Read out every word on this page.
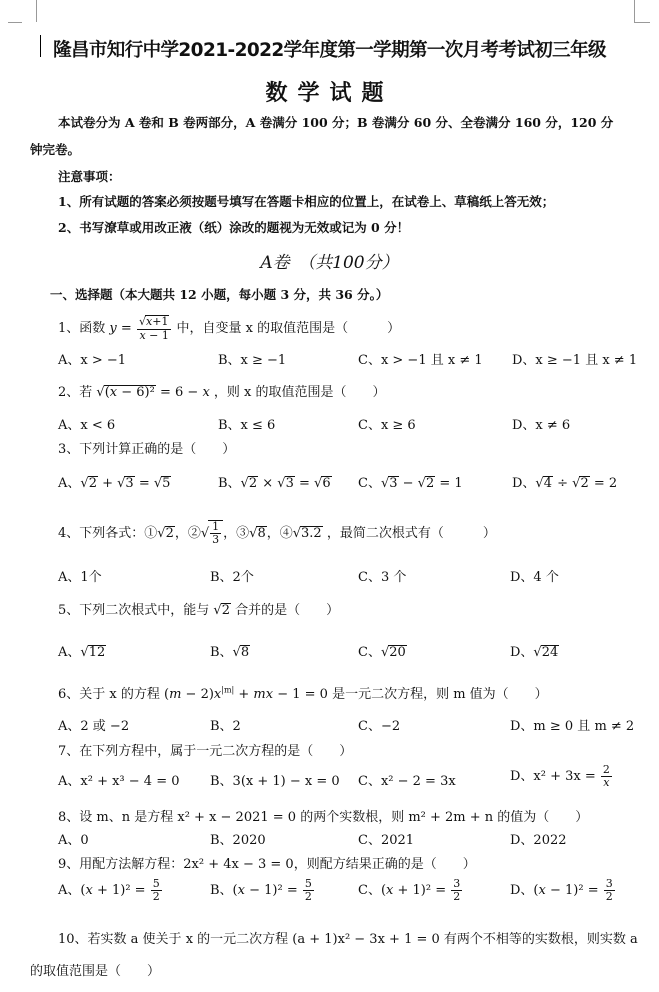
隆昌市知行中学2021-2022学年度第一学期第一次月考考试初三年级
数学试题
本试卷分为 A 卷和 B 卷两部分，A 卷满分 100 分；B 卷满分 60 分、全卷满分 160 分，120 分
钟完卷。
注意事项：
1、所有试题的答案必须按题号填写在答题卡相应的位置上，在试卷上、草稿纸上答无效；
2、书写潦草或用改正液（纸）涂改的题视为无效或记为 0 分！
A卷　（共100分）
一、选择题（本大题共 12 小题，每小题 3 分，共 36 分。）
1、函数 $y = \frac{√x+1}{x - 1}$ 中，自变量 x 的取值范围是（　　　）
A、x > −1	B、x ≥ −1	C、x > −1 且 x ≠ 1 D、x ≥ −1 且 x ≠ 1
2、若 √(x − 6)² = 6 − x ，则 x 的取值范围是（　　）
A、x < 6	B、x ≤ 6	C、x ≥ 6	D、x ≠ 6
3、下列计算正确的是（　　）
A、√2 + √3 = √5	B、√2 × √3 = √6 C、√3 − √2 = 1	D、√4 ÷ √2 = 2
4、下列各式：①√2，②√ $\frac{1}{3}$ ，③√8，④√3.2 ，最简二次根式有（　　　）
A、1个	B、2个	C、3 个	D、4 个
5、下列二次根式中，能与 √2 合并的是（　　）
A、√12	B、√8	C、√20	D、√24
6、关于 x 的方程 $(m - 2)x^{|m|}$ + mx − 1 = 0 是一元二次方程，则 m 值为（　　）
A、2 或 −2	B、2	C、−2	D、m ≥ 0 且 m ≠ 2
7、在下列方程中，属于一元二次方程的是（　　）
A、x² + x³ − 4 = 0 B、3(x + 1) − x = 0 C、x² − 2 = 3x	D、$x^2 + 3x = \frac{2}{x}$
8、设 m、n 是方程 x² + x − 2021 = 0 的两个实数根，则 m² + 2m + n 的值为（　　）
A、0	B、2020	C、2021	D、2022
9、用配方法解方程：2x² + 4x − 3 = 0，则配方结果正确的是（　　）
A、$(x + 1)^2 = \frac{5}{2}$	B、$(x - 1)^2 = \frac{5}{2}$	C、$(x + 1)^2 = \frac{3}{2}$	D、$(x - 1)^2 = \frac{3}{2}$
10、若实数 a 使关于 x 的一元二次方程 (a + 1)x² − 3x + 1 = 0 有两个不相等的实数根，则实数 a
的取值范围是（　　）
